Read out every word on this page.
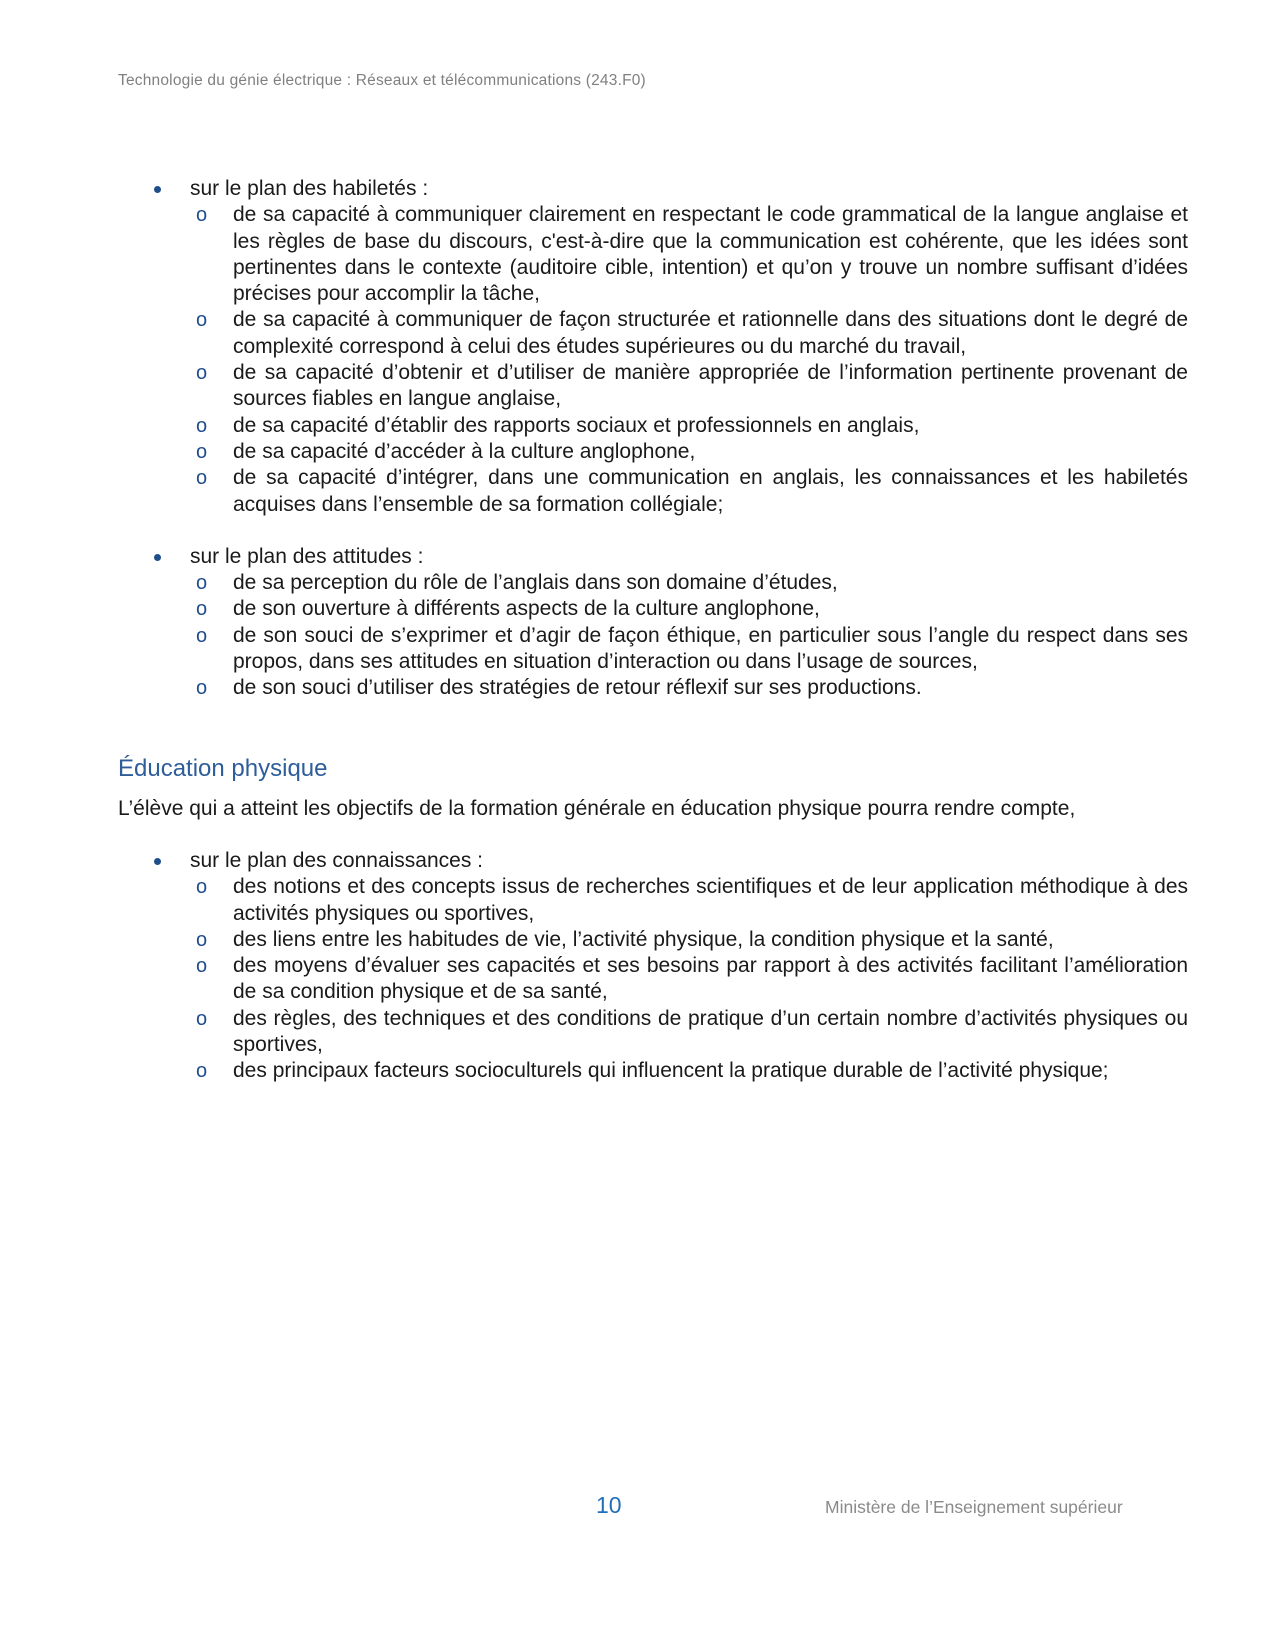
Technologie du génie électrique : Réseaux et télécommunications (243.F0)
sur le plan des habiletés :
o de sa capacité à communiquer clairement en respectant le code grammatical de la langue anglaise et les règles de base du discours, c'est-à-dire que la communication est cohérente, que les idées sont pertinentes dans le contexte (auditoire cible, intention) et qu’on y trouve un nombre suffisant d’idées précises pour accomplir la tâche,
o de sa capacité à communiquer de façon structurée et rationnelle dans des situations dont le degré de complexité correspond à celui des études supérieures ou du marché du travail,
o de sa capacité d’obtenir et d’utiliser de manière appropriée de l’information pertinente provenant de sources fiables en langue anglaise,
o de sa capacité d’établir des rapports sociaux et professionnels en anglais,
o de sa capacité d’accéder à la culture anglophone,
o de sa capacité d’intégrer, dans une communication en anglais, les connaissances et les habiletés acquises dans l’ensemble de sa formation collégiale;
sur le plan des attitudes :
o de sa perception du rôle de l’anglais dans son domaine d’études,
o de son ouverture à différents aspects de la culture anglophone,
o de son souci de s’exprimer et d’agir de façon éthique, en particulier sous l’angle du respect dans ses propos, dans ses attitudes en situation d’interaction ou dans l’usage de sources,
o de son souci d’utiliser des stratégies de retour réflexif sur ses productions.
Éducation physique

L’élève qui a atteint les objectifs de la formation générale en éducation physique pourra rendre compte,

sur le plan des connaissances :
o des notions et des concepts issus de recherches scientifiques et de leur application méthodique à des activités physiques ou sportives,
o des liens entre les habitudes de vie, l’activité physique, la condition physique et la santé,
o des moyens d’évaluer ses capacités et ses besoins par rapport à des activités facilitant l’amélioration de sa condition physique et de sa santé,
o des règles, des techniques et des conditions de pratique d’un certain nombre d’activités physiques ou sportives,
o des principaux facteurs socioculturels qui influencent la pratique durable de l’activité physique;
10	Ministère de l’Enseignement supérieur
